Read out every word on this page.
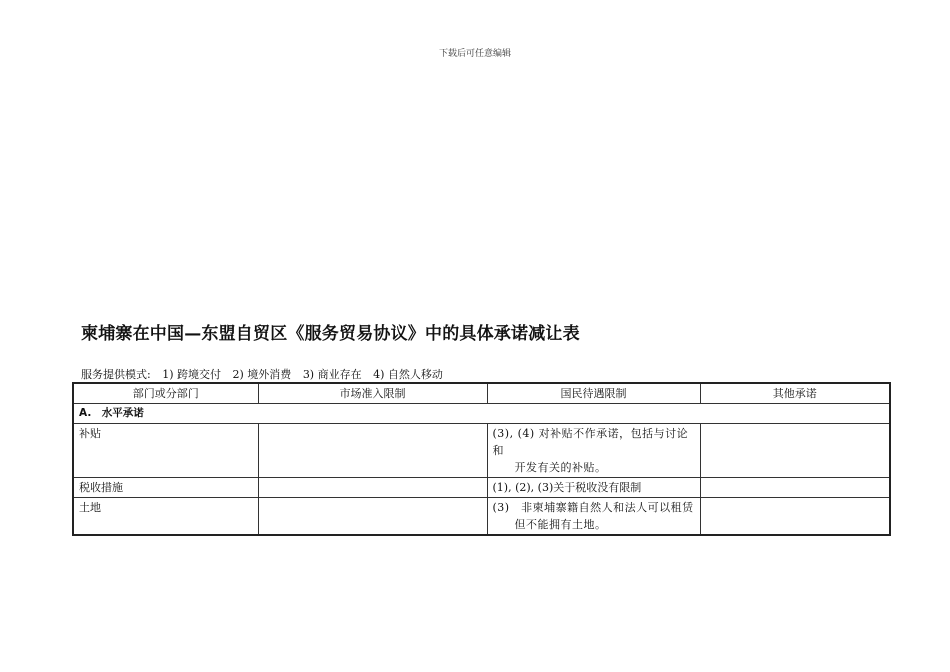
下载后可任意编辑
柬埔寨在中国—东盟自贸区《服务贸易协议》中的具体承诺减让表
服务提供模式: 1) 跨境交付 2) 境外消费 3) 商业存在 4) 自然人移动
部门或分部门	市场准入限制	国民待遇限制	其他承诺
A.　水平承诺			
补贴		(3), (4) 对补贴不作承诺，包括与讨论和
开发有关的补贴。	

税收措施		(1), (2), (3)关于税收没有限制	
土地		(3)　非柬埔寨籍自然人和法人可以租赁
但不能拥有土地。	
